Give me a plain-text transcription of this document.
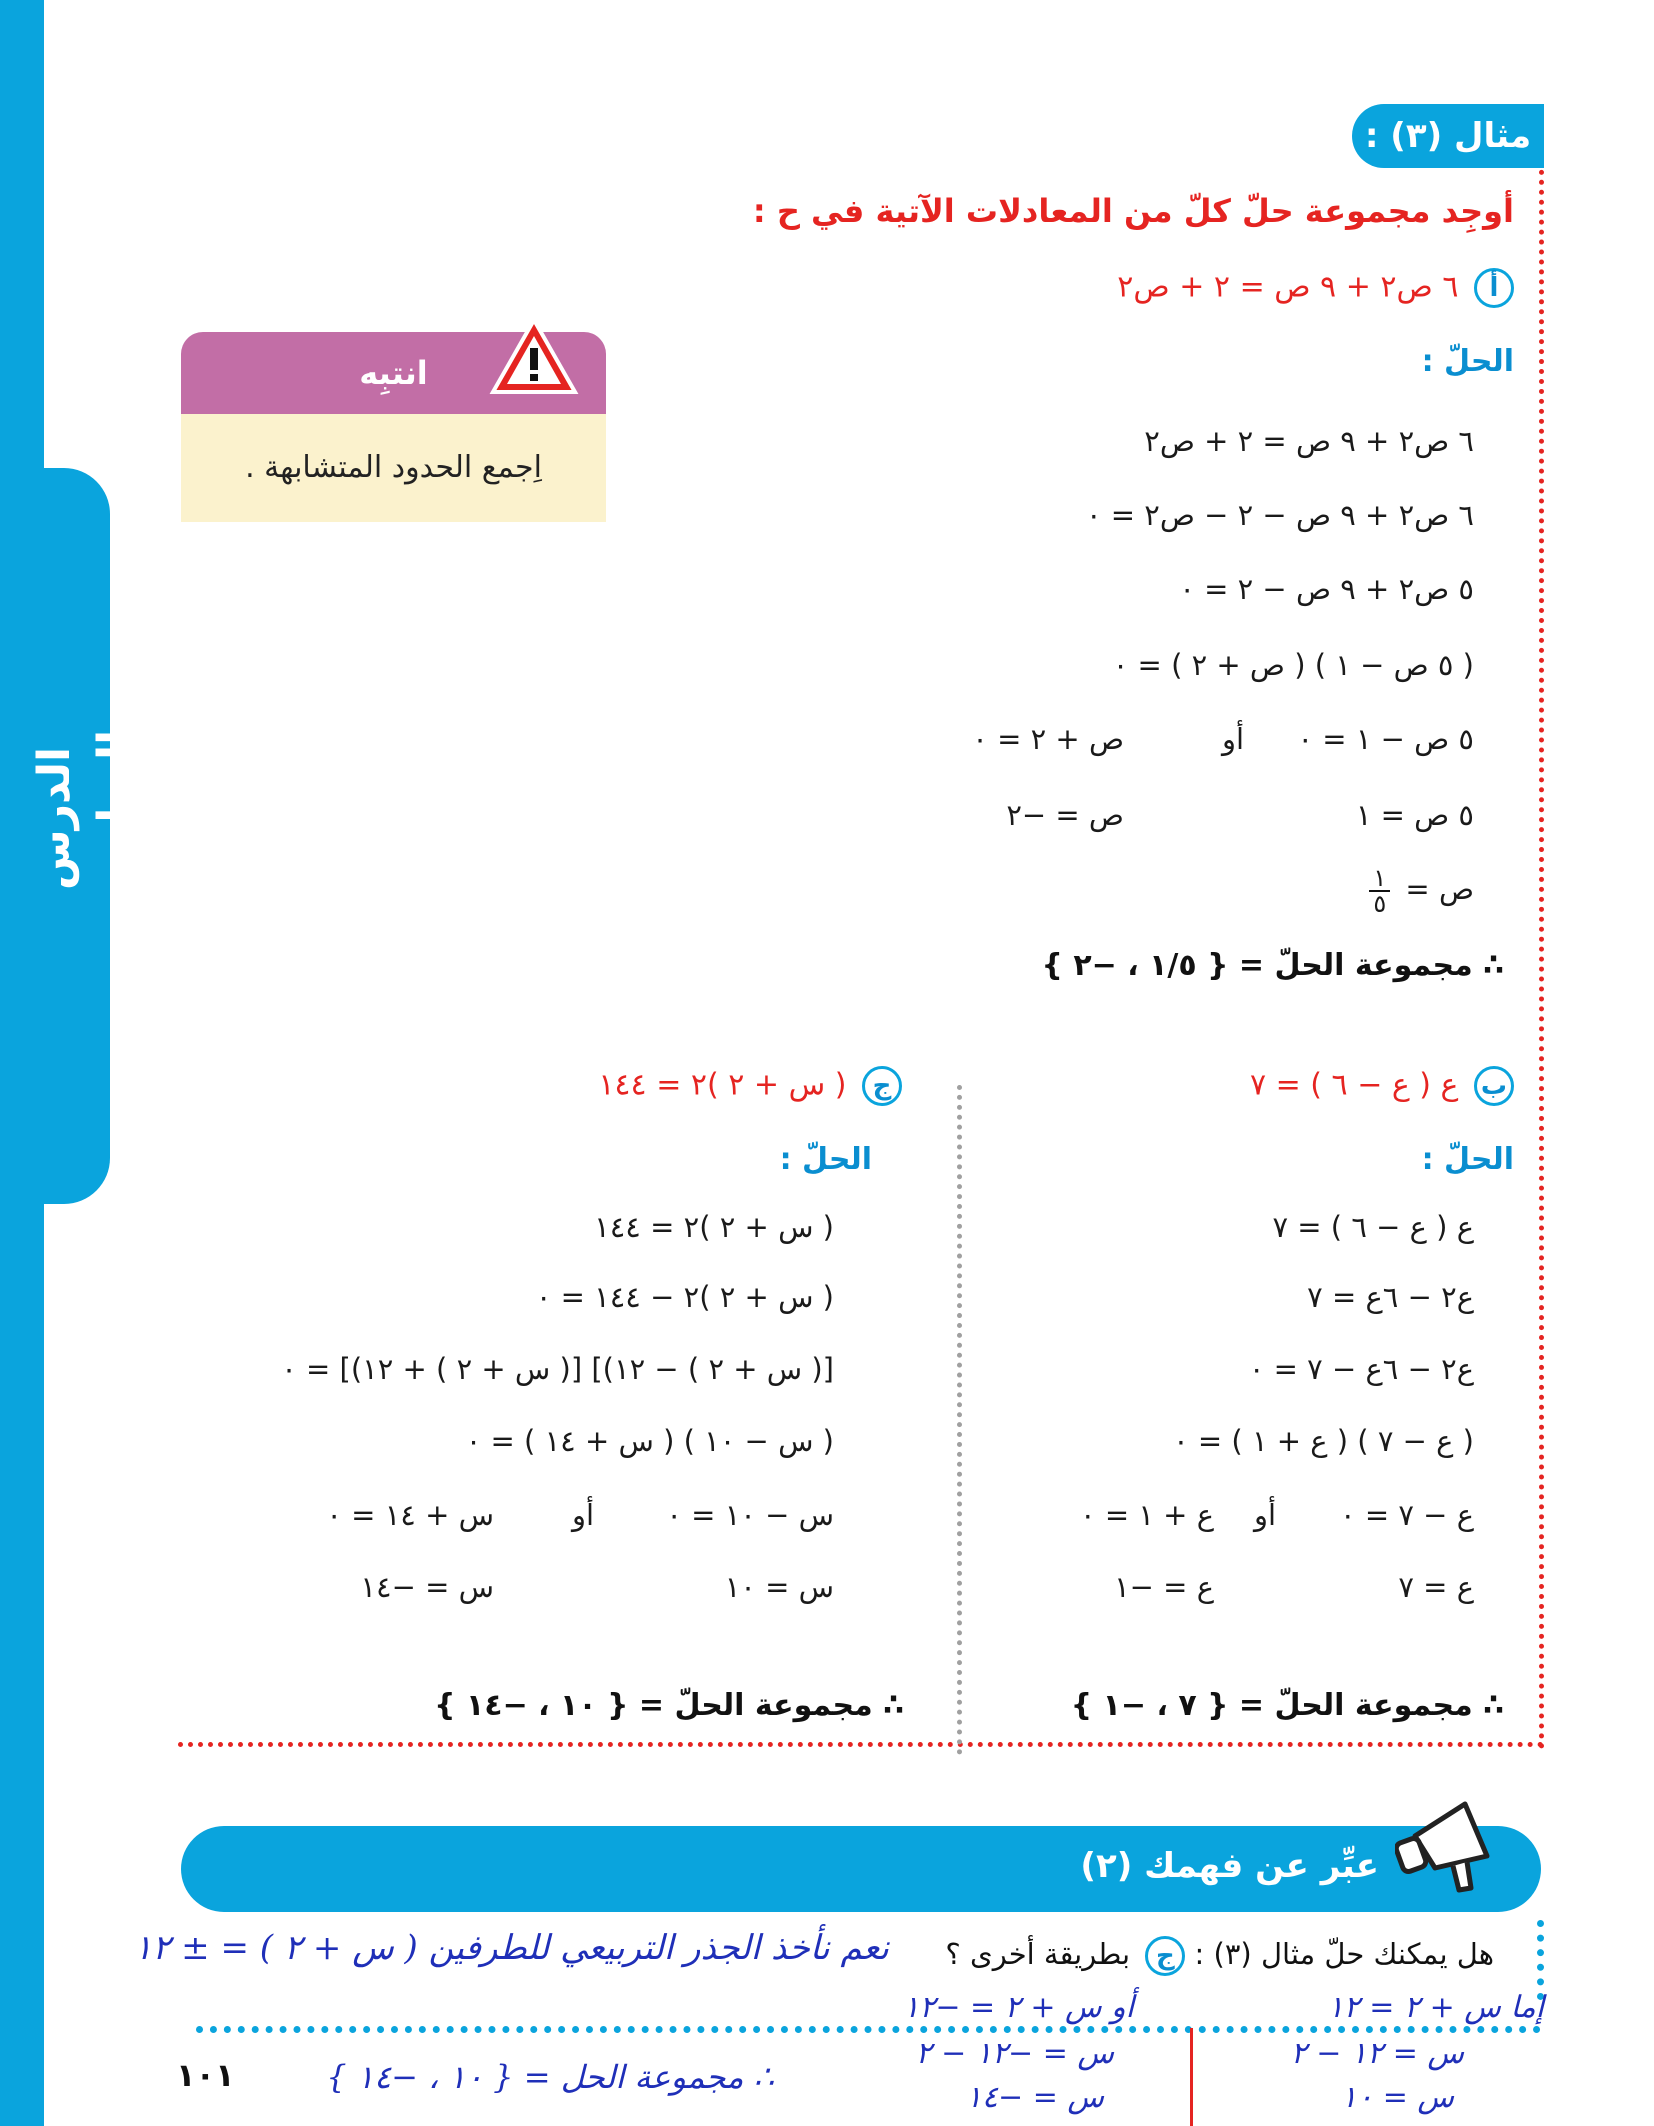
الدرس السادس
مثال (٣) :
أوجِد مجموعة حلّ كلّ من المعادلات الآتية في ح :
أ ٦ ص٢ + ٩ ص = ٢ + ص٢
الحلّ :
٦ ص٢ + ٩ ص = ٢ + ص٢
٦ ص٢ + ٩ ص − ٢ − ص٢ = ٠
٥ ص٢ + ٩ ص − ٢ = ٠
( ٥ ص − ١ ) ( ص + ٢ ) = ٠
٥ ص − ١ = ٠
أو
ص + ٢ = ٠
٥ ص = ١
ص = −٢
ص =
$\frac{١}{٥}$
∴ مجموعة الحلّ = { ١/٥ ، −٢ }
انتبِه
اِجمع الحدود المتشابهة .
ب ع ( ع − ٦ ) = ٧
الحلّ :
ع ( ع − ٦ ) = ٧
ع٢ − ٦ع = ٧
ع٢ − ٦ع − ٧ = ٠
( ع − ٧ ) ( ع + ١ ) = ٠
ع − ٧ = ٠
أو
ع + ١ = ٠
ع = ٧
ع = −١
∴ مجموعة الحلّ = { ٧ ، −١ }
ج ( س + ٢ )٢ = ١٤٤
الحلّ :
( س + ٢ )٢ = ١٤٤
( س + ٢ )٢ − ١٤٤ = ٠
[( س + ٢ ) − ١٢)] [( س + ٢ ) + ١٢)] = ٠
( س − ١٠ ) ( س + ١٤ ) = ٠
س − ١٠ = ٠
أو
س + ١٤ = ٠
س = ١٠
س = −١٤
∴ مجموعة الحلّ = { ١٠ ، −١٤ }
عبِّر عن فهمك (٢)
هل يمكنك حلّ مثال (٣) : ج بطريقة أخرى ؟
نعم نأخذ الجذر التربيعي للطرفين ( س + ٢ ) = ± ١٢
إما س + ٢ = ١٢
أو س + ٢ = −١٢
س = ١٢ − ٢
س = −١٢ − ٢
س = ١٠
س = −١٤
∴ مجموعة الحل = { ١٠ ، −١٤ }
١٠١
